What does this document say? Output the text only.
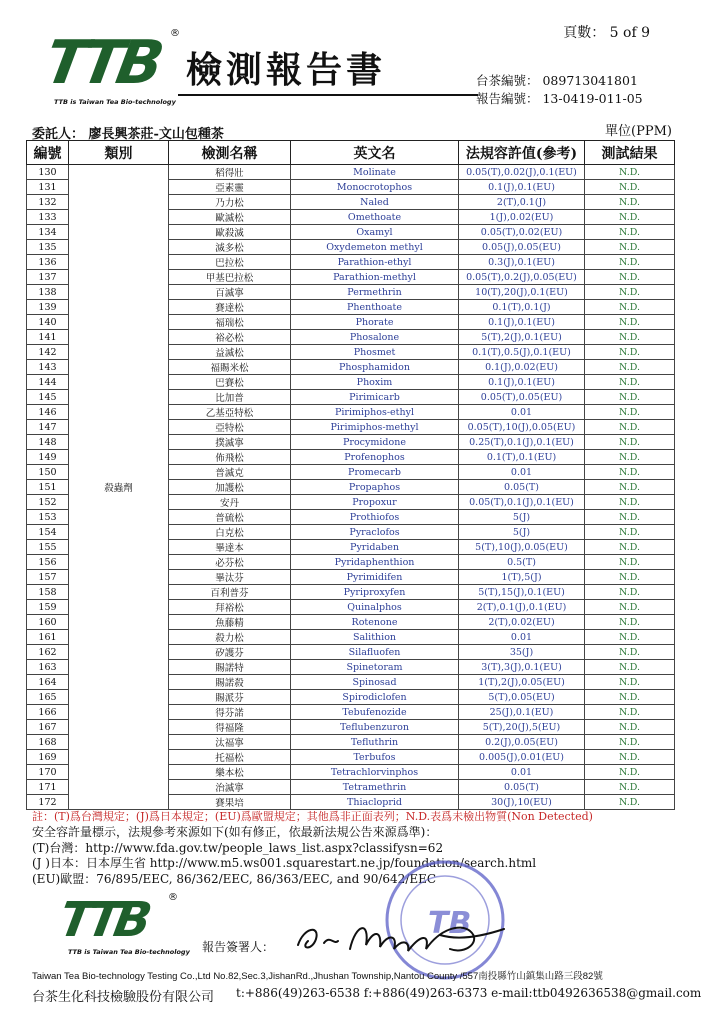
頁數： 5 of 9
TTB ®
TTB is Taiwan Tea Bio-technology
檢測報告書	台茶編號： 08971304180​1
報告編號： 13-0419-011-05
委託人： 廖長興茶莊-文山包種茶	單位(PPM)
編號	類別	檢測名稱	英文名	法規容許值(參考)	測試結果
130	殺蟲劑	稻得壯	Molinate	0.05(T),0.02(J),0.1(EU)	N.D.
131		亞素靈	Monocrotophos	0.1(J),0.1(EU)	N.D.
132		乃力松	Naled	2(T),0.1(J)	N.D.
133		歐滅松	Omethoate	1(J),0.02(EU)	N.D.
134		歐殺滅	Oxamyl	0.05(T),0.02(EU)	N.D.
135		滅多松	Oxydemeton methyl	0.05(J),0.05(EU)	N.D.
136		巴拉松	Parathion-ethyl	0.3(J),0.1(EU)	N.D.
137		甲基巴拉松	Parathion-methyl	0.05(T),0.2(J),0.05(EU)	N.D.
138		百滅寧	Permethrin	10(T),20(J),0.1(EU)	N.D.
139		賽達松	Phenthoate	0.1(T),0.1(J)	N.D.
140		福瑞松	Phorate	0.1(J),0.1(EU)	N.D.
141		裕必松	Phosalone	5(T),2(J),0.1(EU)	N.D.
142		益滅松	Phosmet	0.1(T),0.5(J),0.1(EU)	N.D.
143		福賜米松	Phosphamidon	0.1(J),0.02(EU)	N.D.
144		巴賽松	Phoxim	0.1(J),0.1(EU)	N.D.
145		比加普	Pirimicarb	0.05(T),0.05(EU)	N.D.
146		乙基亞特松	Pirimiphos-ethyl	0.01	N.D.
147		亞特松	Pirimiphos-methyl	0.05(T),10(J),0.05(EU)	N.D.
148		撲滅寧	Procymidone	0.25(T),0.1(J),0.1(EU)	N.D.
149		佈飛松	Profenophos	0.1(T),0.1(EU)	N.D.
150		普滅克	Promecarb	0.01	N.D.
151		加護松	Propaphos	0.05(T)	N.D.
152		安丹	Propoxur	0.05(T),0.1(J),0.1(EU)	N.D.
153		普硫松	Prothiofos	5(J)	N.D.
154		白克松	Pyraclofos	5(J)	N.D.
155		畢達本	Pyridaben	5(T),10(J),0.05(EU)	N.D.
156		必芬松	Pyridaphenthion	0.5(T)	N.D.
157		畢汰芬	Pyrimidifen	1(T),5(J)	N.D.
158		百利普芬	Pyriproxyfen	5(T),15(J),0.1(EU)	N.D.
159		拜裕松	Quinalphos	2(T),0.1(J),0.1(EU)	N.D.
160		魚藤精	Rotenone	2(T),0.02(EU)	N.D.
161		殺力松	Salithion	0.01	N.D.
162		矽護芬	Silafluofen	35(J)	N.D.
163		賜諾特	Spinetoram	3(T),3(J),0.1(EU)	N.D.
164		賜諾殺	Spinosad	1(T),2(J),0.05(EU)	N.D.
165		賜派芬	Spirodiclofen	5(T),0.05(EU)	N.D.
166		得芬諾	Tebufenozide	25(J),0.1(EU)	N.D.
167		得福隆	Teflubenzuron	5(T),20(J),5(EU)	N.D.
168		汰福寧	Tefluthrin	0.2(J),0.05(EU)	N.D.
169		托福松	Terbufos	0.005(J),0.01(EU)	N.D.
170		樂本松	Tetrachlorvinphos	0.01	N.D.
171		治滅寧	Tetramethrin	0.05(T)	N.D.
172		賽果培	Thiacloprid	30(J),10(EU)	N.D.
註：(T)爲台灣規定；(J)爲日本規定；(EU)爲歐盟規定；其他爲非正面表列；N.D.表爲未檢出物質(Non Detected)
安全容許量標示，法規參考來源如下(如有修正，依最新法規公告來源爲準)：
(T)台灣：http://www.fda.gov.tw/people_laws_list.aspx?classifysn=62
(J )日本：日本厚生省 http://www.m5.ws001.squarestart.ne.jp/foundation/search.html
(EU)歐盟：76/895/EEC, 86/362/EEC, 86/363/EEC, and 90/642/EEC
TTB ®
TTB is Taiwan Tea Bio-technology 報告簽署人：
TB
Taiwan Tea Bio-technology Testing Co.,Ltd No.82,Sec.3,JishanRd.,Jhushan Township,Nantou County /557南投縣竹山鎮集山路三段82號
台茶生化科技檢驗股份有限公司 t:+886(49)263-6538 f:+886(49)263-6373 e-mail:ttb0492636538@gmail.com
